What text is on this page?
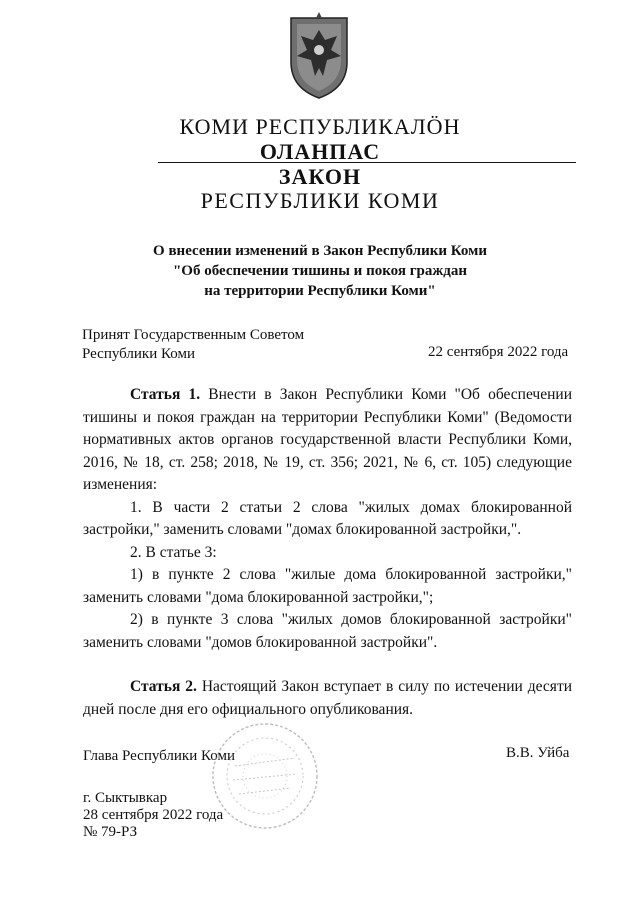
КОМИ РЕСПУБЛИКАЛÖН
ОЛАНПАС
ЗАКОН
РЕСПУБЛИКИ КОМИ
О внесении изменений в Закон Республики Коми
"Об обеспечении тишины и покоя граждан
на территории Республики Коми"
Принят Государственным Советом
Республики Коми	22 сентября 2022 года

Статья 1. Внести в Закон Республики Коми "Об обеспечении тишины и покоя граждан на территории Республики Коми" (Ведомости нормативных актов органов государственной власти Республики Коми, 2016, № 18, ст. 258; 2018, № 19, ст. 356; 2021, № 6, ст. 105) следующие изменения:

1. В части 2 статьи 2 слова "жилых домах блокированной застройки," заменить словами "домах блокированной застройки,".

2. В статье 3:

1) в пункте 2 слова "жилые дома блокированной застройки," заменить словами "дома блокированной застройки,";

2) в пункте 3 слова "жилых домов блокированной застройки" заменить словами "домов блокированной застройки".

Статья 2. Настоящий Закон вступает в силу по истечении десяти дней после дня его официального опубликования.

Глава Республики Коми	В.В. Уйба
г. Сыктывкар
28 сентября 2022 года
№ 79-РЗ
